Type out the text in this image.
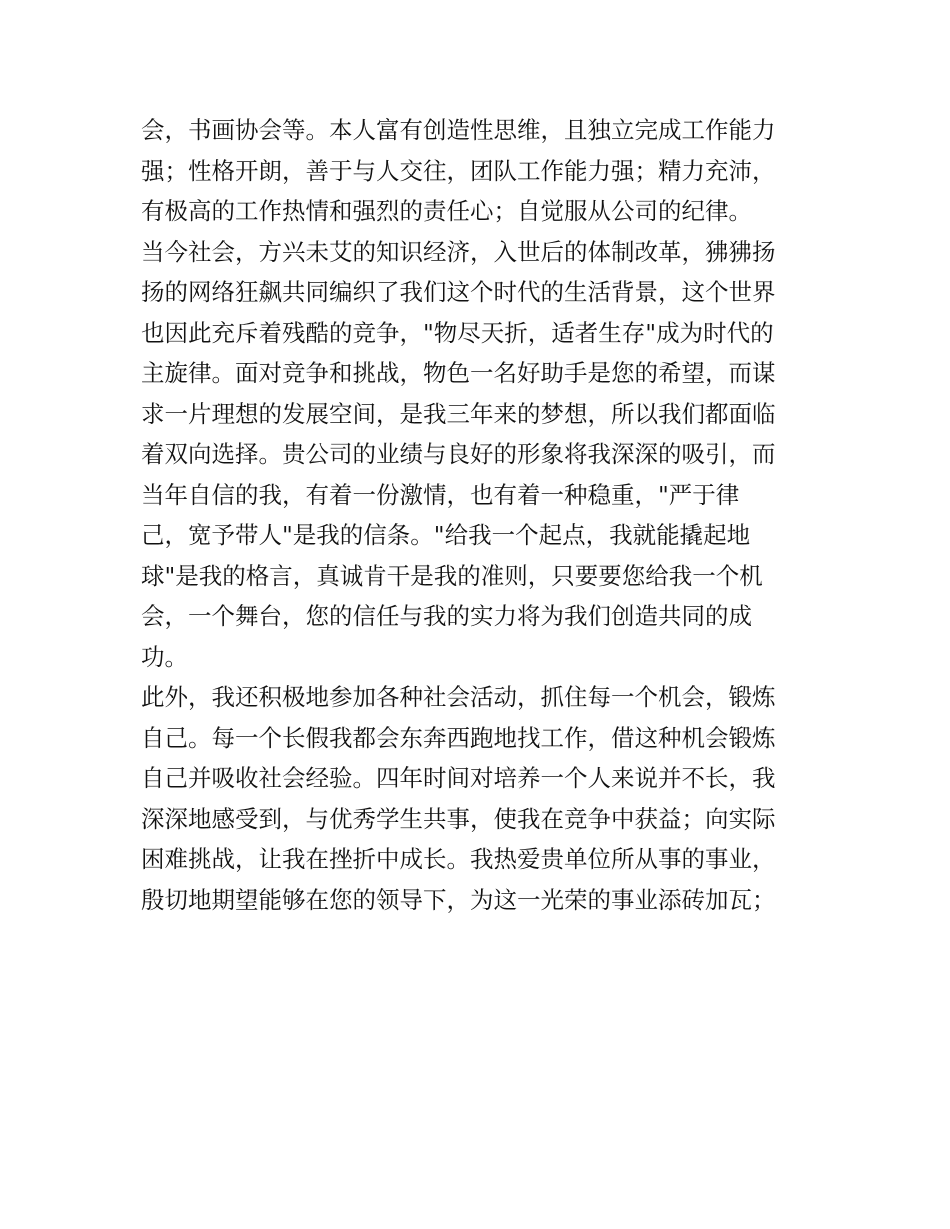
会，书画协会等。本人富有创造性思维，且独立完成工作能力
强；性格开朗，善于与人交往，团队工作能力强；精力充沛，
有极高的工作热情和强烈的责任心；自觉服从公司的纪律。
当今社会，方兴未艾的知识经济，入世后的体制改革，狒狒扬
扬的网络狂飙共同编织了我们这个时代的生活背景，这个世界
也因此充斥着残酷的竞争，"物尽天折，适者生存"成为时代的
主旋律。面对竞争和挑战，物色一名好助手是您的希望，而谋
求一片理想的发展空间，是我三年来的梦想，所以我们都面临
着双向选择。贵公司的业绩与良好的形象将我深深的吸引，而
当年自信的我，有着一份激情，也有着一种稳重，"严于律
己，宽予带人"是我的信条。"给我一个起点，我就能撬起地
球"是我的格言，真诚肯干是我的准则，只要要您给我一个机
会，一个舞台，您的信任与我的实力将为我们创造共同的成
功。
此外，我还积极地参加各种社会活动，抓住每一个机会，锻炼
自己。每一个长假我都会东奔西跑地找工作，借这种机会锻炼
自己并吸收社会经验。四年时间对培养一个人来说并不长，我
深深地感受到，与优秀学生共事，使我在竞争中获益；向实际
困难挑战，让我在挫折中成长。我热爱贵单位所从事的事业，
殷切地期望能够在您的领导下，为这一光荣的事业添砖加瓦；
